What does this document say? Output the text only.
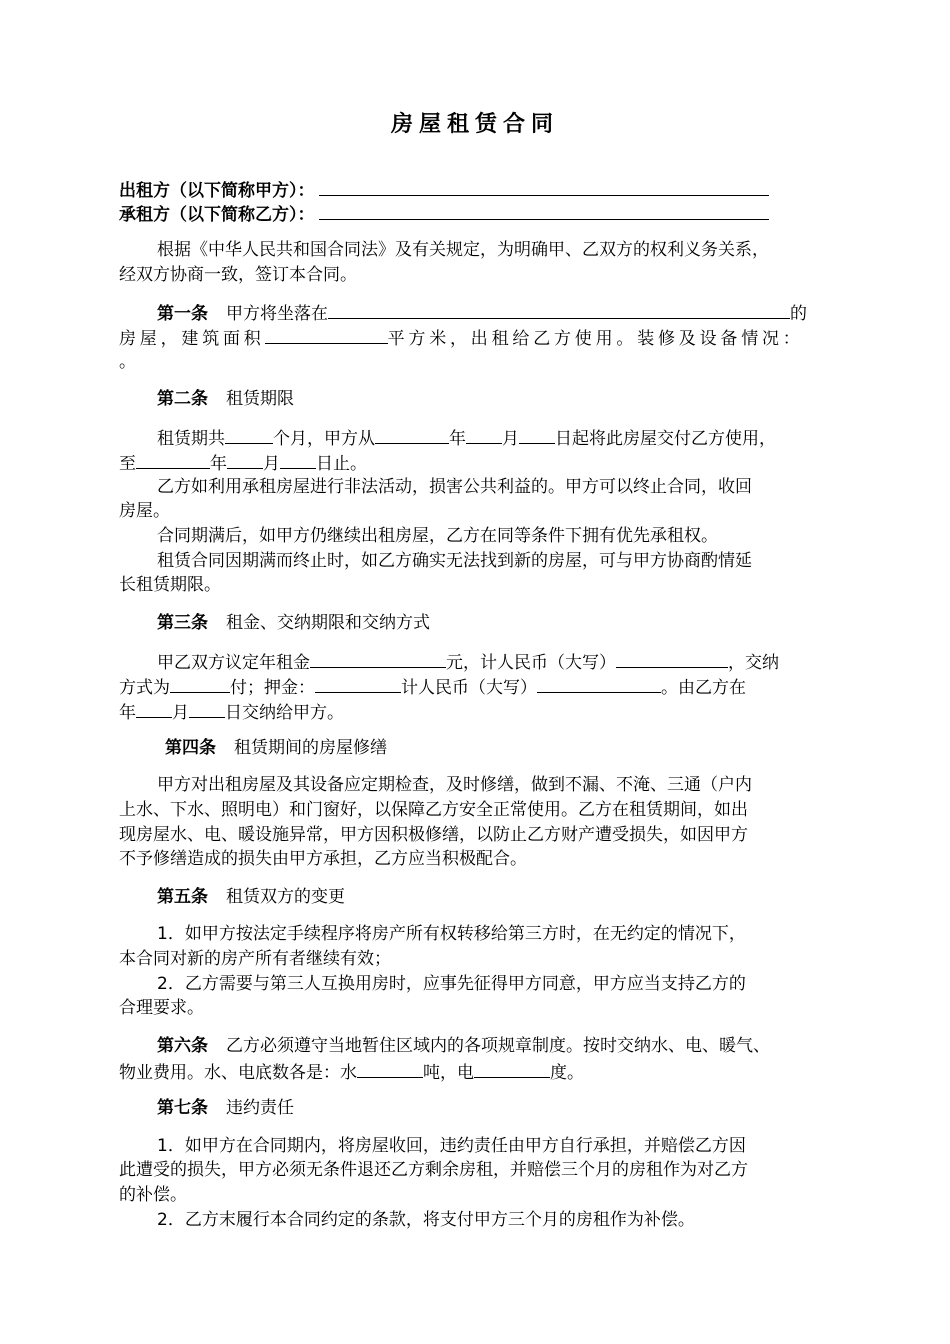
房屋租赁合同
出租方（以下简称甲方）：
承租方（以下简称乙方）：
根据《中华人民共和国合同法》及有关规定，为明确甲、乙双方的权利义务关系，
经双方协商一致，签订本合同。
第一条 甲方将坐落在	的
房屋，建筑面积	平方米，出租给乙方使用。装修及设备情况：
。
第二条 租赁期限
租赁期共	个月，甲方从	年 月 日起将此房屋交付乙方使用，
至	年 月 日止。
乙方如利用承租房屋进行非法活动，损害公共利益的。甲方可以终止合同，收回
房屋。
合同期满后，如甲方仍继续出租房屋，乙方在同等条件下拥有优先承租权。
租赁合同因期满而终止时，如乙方确实无法找到新的房屋，可与甲方协商酌情延
长租赁期限。
第三条 租金、交纳期限和交纳方式
甲乙双方议定年租金	元，计人民币（大写）	，交纳
方式为	付；押金：	计人民币（大写）	。由乙方在
年 月 日交纳给甲方。
第四条 租赁期间的房屋修缮
甲方对出租房屋及其设备应定期检查，及时修缮，做到不漏、不淹、三通（户内
上水、下水、照明电）和门窗好，以保障乙方安全正常使用。乙方在租赁期间，如出
现房屋水、电、暖设施异常，甲方因积极修缮，以防止乙方财产遭受损失，如因甲方
不予修缮造成的损失由甲方承担，乙方应当积极配合。
第五条 租赁双方的变更
1．如甲方按法定手续程序将房产所有权转移给第三方时，在无约定的情况下，
本合同对新的房产所有者继续有效；
2．乙方需要与第三人互换用房时，应事先征得甲方同意，甲方应当支持乙方的
合理要求。
第六条 乙方必须遵守当地暂住区域内的各项规章制度。按时交纳水、电、暖气、
物业费用。水、电底数各是：水	吨，电	度。
第七条 违约责任
1．如甲方在合同期内，将房屋收回，违约责任由甲方自行承担，并赔偿乙方因
此遭受的损失，甲方必须无条件退还乙方剩余房租，并赔偿三个月的房租作为对乙方
的补偿。
2．乙方末履行本合同约定的条款，将支付甲方三个月的房租作为补偿。
